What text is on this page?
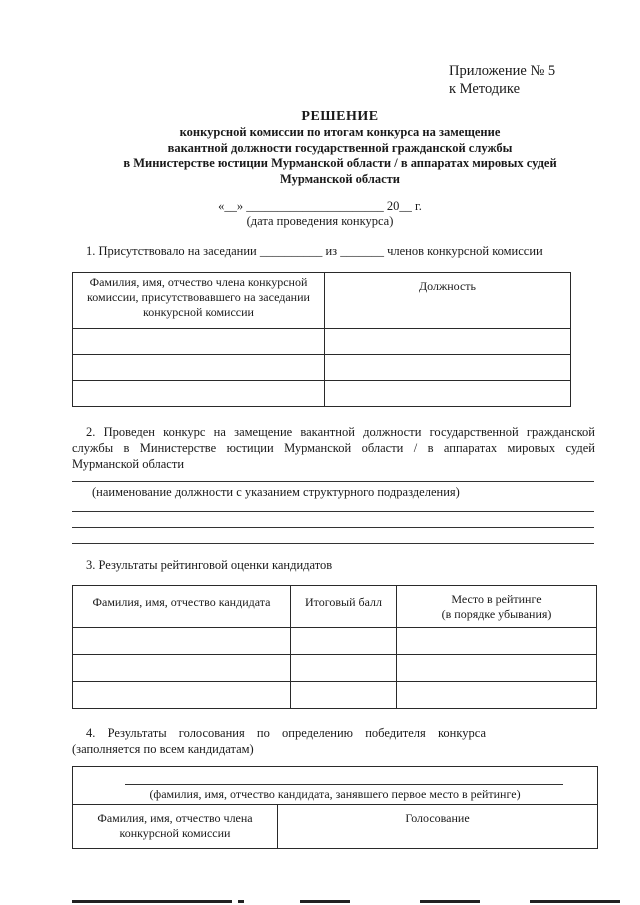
Приложение № 5
к Методике
РЕШЕНИЕ
конкурсной комиссии по итогам конкурса на замещение
вакантной должности государственной гражданской службы
в Министерстве юстиции Мурманской области / в аппаратах мировых судей
Мурманской области
«__» ______________________ 20__ г.
(дата проведения конкурса)
1. Присутствовало на заседании __________ из _______ членов конкурсной комиссии
Фамилия, имя, отчество члена конкурсной комиссии, присутствовавшего на заседании конкурсной комиссии	Должность

2. Проведен конкурс на замещение вакантной должности государственной гражданской
службы в Министерстве юстиции Мурманской области / в аппаратах мировых судей
Мурманской области
(наименование должности с указанием структурного подразделения)
3. Результаты рейтинговой оценки кандидатов
Фамилия, имя, отчество кандидата	Итоговый балл	Место в рейтинге
(в порядке убывания)

4. Результаты голосования по определению победителя конкурса
(заполняется по всем кандидатам)
(фамилия, имя, отчество кандидата, занявшего первое место в рейтинге)
Фамилия, имя, отчество члена конкурсной комиссии	Голосование
